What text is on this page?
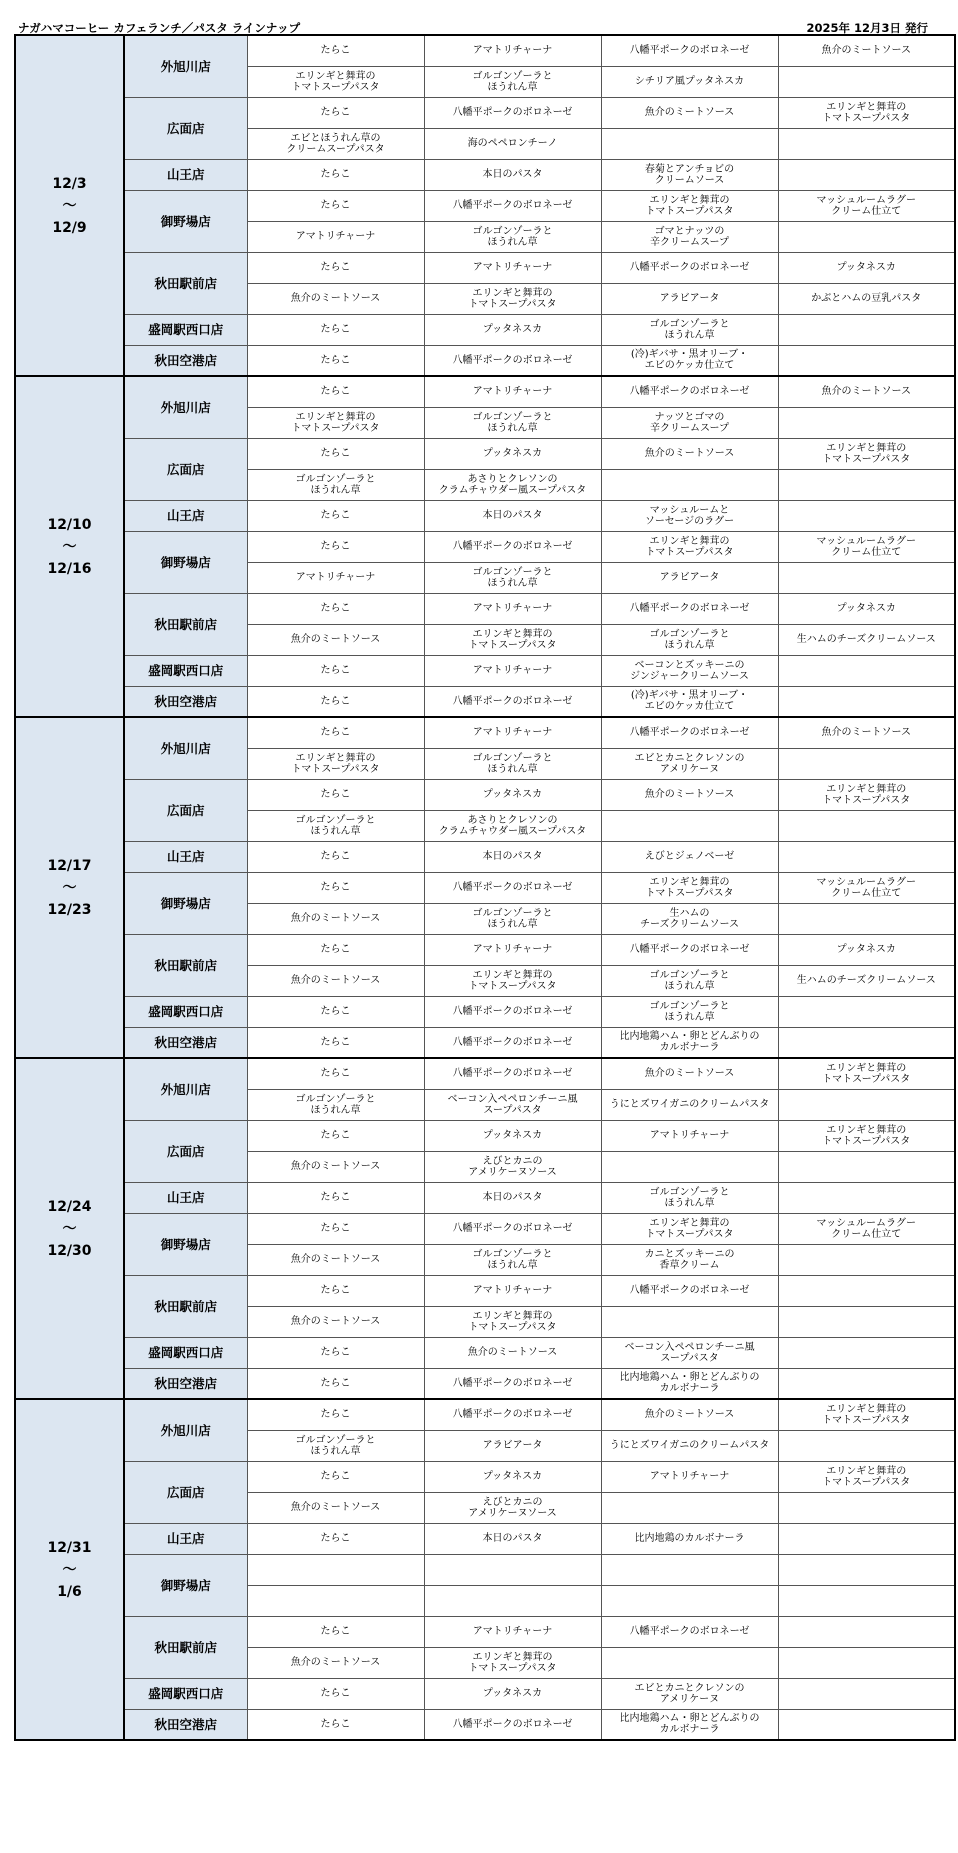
ナガハマコーヒー カフェランチ／パスタ ラインナップ	2025年 12月3日 発行
12/3
～
12/9	外旭川店	たらこ	アマトリチャーナ	八幡平ポークのボロネーゼ	魚介のミートソース
		エリンギと舞茸の
トマトスープパスタ	ゴルゴンゾーラと
ほうれん草	シチリア風プッタネスカ	
	広面店	たらこ	八幡平ポークのボロネーゼ	魚介のミートソース	エリンギと舞茸の
トマトスープパスタ
		エビとほうれん草の
クリームスープパスタ	海のペペロンチーノ		
	山王店	たらこ	本日のパスタ	春菊とアンチョビの
クリームソース	
	御野場店	たらこ	八幡平ポークのボロネーゼ	エリンギと舞茸の
トマトスープパスタ	マッシュルームラグー
クリーム仕立て
		アマトリチャーナ	ゴルゴンゾーラと
ほうれん草	ゴマとナッツの
辛クリームスープ	
	秋田駅前店	たらこ	アマトリチャーナ	八幡平ポークのボロネーゼ	プッタネスカ
		魚介のミートソース	エリンギと舞茸の
トマトスープパスタ	アラビアータ	かぶとハムの豆乳パスタ
	盛岡駅西口店	たらこ	プッタネスカ	ゴルゴンゾーラと
ほうれん草	
	秋田空港店	たらこ	八幡平ポークのボロネーゼ	(冷)ギバサ・黒オリーブ・
エビのケッカ仕立て	
12/10
～
12/16	外旭川店	たらこ	アマトリチャーナ	八幡平ポークのボロネーゼ	魚介のミートソース
		エリンギと舞茸の
トマトスープパスタ	ゴルゴンゾーラと
ほうれん草	ナッツとゴマの
辛クリームスープ	
	広面店	たらこ	プッタネスカ	魚介のミートソース	エリンギと舞茸の
トマトスープパスタ
		ゴルゴンゾーラと
ほうれん草	あさりとクレソンの
クラムチャウダー風スープパスタ		
	山王店	たらこ	本日のパスタ	マッシュルームと
ソーセージのラグー	
	御野場店	たらこ	八幡平ポークのボロネーゼ	エリンギと舞茸の
トマトスープパスタ	マッシュルームラグー
クリーム仕立て
		アマトリチャーナ	ゴルゴンゾーラと
ほうれん草	アラビアータ	
	秋田駅前店	たらこ	アマトリチャーナ	八幡平ポークのボロネーゼ	プッタネスカ
		魚介のミートソース	エリンギと舞茸の
トマトスープパスタ	ゴルゴンゾーラと
ほうれん草	生ハムのチーズクリームソース
	盛岡駅西口店	たらこ	アマトリチャーナ	ベーコンとズッキーニの
ジンジャークリームソース	
	秋田空港店	たらこ	八幡平ポークのボロネーゼ	(冷)ギバサ・黒オリーブ・
エビのケッカ仕立て	
12/17
～
12/23	外旭川店	たらこ	アマトリチャーナ	八幡平ポークのボロネーゼ	魚介のミートソース
		エリンギと舞茸の
トマトスープパスタ	ゴルゴンゾーラと
ほうれん草	エビとカニとクレソンの
アメリケーヌ	
	広面店	たらこ	プッタネスカ	魚介のミートソース	エリンギと舞茸の
トマトスープパスタ
		ゴルゴンゾーラと
ほうれん草	あさりとクレソンの
クラムチャウダー風スープパスタ		
	山王店	たらこ	本日のパスタ	えびとジェノベーゼ	
	御野場店	たらこ	八幡平ポークのボロネーゼ	エリンギと舞茸の
トマトスープパスタ	マッシュルームラグー
クリーム仕立て
		魚介のミートソース	ゴルゴンゾーラと
ほうれん草	生ハムの
チーズクリームソース	
	秋田駅前店	たらこ	アマトリチャーナ	八幡平ポークのボロネーゼ	プッタネスカ
		魚介のミートソース	エリンギと舞茸の
トマトスープパスタ	ゴルゴンゾーラと
ほうれん草	生ハムのチーズクリームソース
	盛岡駅西口店	たらこ	八幡平ポークのボロネーゼ	ゴルゴンゾーラと
ほうれん草	
	秋田空港店	たらこ	八幡平ポークのボロネーゼ	比内地鶏ハム・卵とどんぶりの
カルボナーラ	
12/24
～
12/30	外旭川店	たらこ	八幡平ポークのボロネーゼ	魚介のミートソース	エリンギと舞茸の
トマトスープパスタ
		ゴルゴンゾーラと
ほうれん草	ベーコン入ペペロンチーニ風
スープパスタ	うにとズワイガニのクリームパスタ	
	広面店	たらこ	プッタネスカ	アマトリチャーナ	エリンギと舞茸の
トマトスープパスタ
		魚介のミートソース	えびとカニの
アメリケーヌソース		
	山王店	たらこ	本日のパスタ	ゴルゴンゾーラと
ほうれん草	
	御野場店	たらこ	八幡平ポークのボロネーゼ	エリンギと舞茸の
トマトスープパスタ	マッシュルームラグー
クリーム仕立て
		魚介のミートソース	ゴルゴンゾーラと
ほうれん草	カニとズッキーニの
香草クリーム	
	秋田駅前店	たらこ	アマトリチャーナ	八幡平ポークのボロネーゼ	
		魚介のミートソース	エリンギと舞茸の
トマトスープパスタ		
	盛岡駅西口店	たらこ	魚介のミートソース	ベーコン入ペペロンチーニ風
スープパスタ	
	秋田空港店	たらこ	八幡平ポークのボロネーゼ	比内地鶏ハム・卵とどんぶりの
カルボナーラ	
12/31
～
1/6	外旭川店	たらこ	八幡平ポークのボロネーゼ	魚介のミートソース	エリンギと舞茸の
トマトスープパスタ
		ゴルゴンゾーラと
ほうれん草	アラビアータ	うにとズワイガニのクリームパスタ	
	広面店	たらこ	プッタネスカ	アマトリチャーナ	エリンギと舞茸の
トマトスープパスタ
		魚介のミートソース	えびとカニの
アメリケーヌソース		
	山王店	たらこ	本日のパスタ	比内地鶏のカルボナーラ	
	御野場店				

	秋田駅前店	たらこ	アマトリチャーナ	八幡平ポークのボロネーゼ	
		魚介のミートソース	エリンギと舞茸の
トマトスープパスタ		
	盛岡駅西口店	たらこ	プッタネスカ	エビとカニとクレソンの
アメリケーヌ	
	秋田空港店	たらこ	八幡平ポークのボロネーゼ	比内地鶏ハム・卵とどんぶりの
カルボナーラ	
